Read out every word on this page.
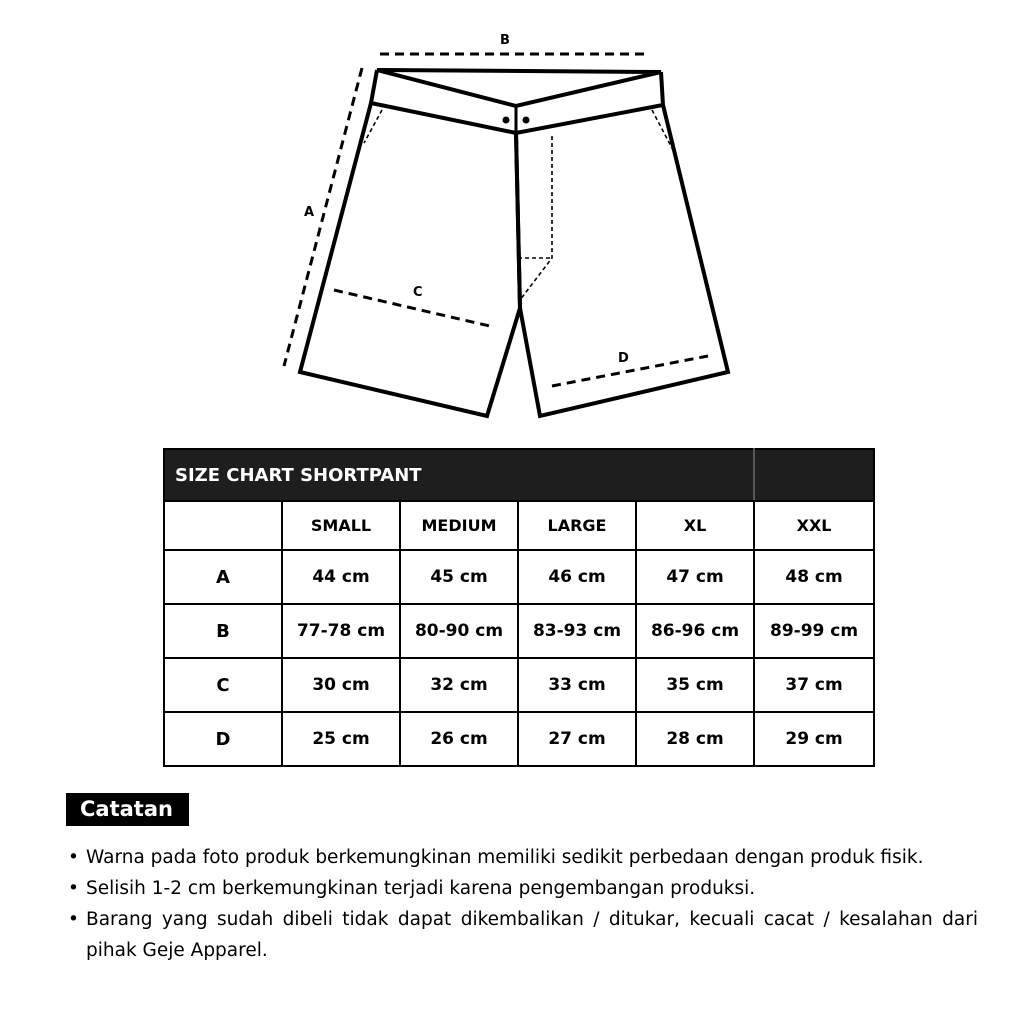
B
A
C
D
SIZE CHART SHORTPANT					
	SMALL	MEDIUM	LARGE	XL	XXL
A	44 cm	45 cm	46 cm	47 cm	48 cm
B	77-78 cm	80-90 cm	83-93 cm	86-96 cm	89-99 cm
C	30 cm	32 cm	33 cm	35 cm	37 cm
D	25 cm	26 cm	27 cm	28 cm	29 cm
Catatan
• Warna pada foto produk berkemungkinan memiliki sedikit perbedaan dengan produk fisik.
• Selisih 1-2 cm berkemungkinan terjadi karena pengembangan produksi.
• Barang yang sudah dibeli tidak dapat dikembalikan / ditukar, kecuali cacat / kesalahan dari pihak Geje Apparel.
